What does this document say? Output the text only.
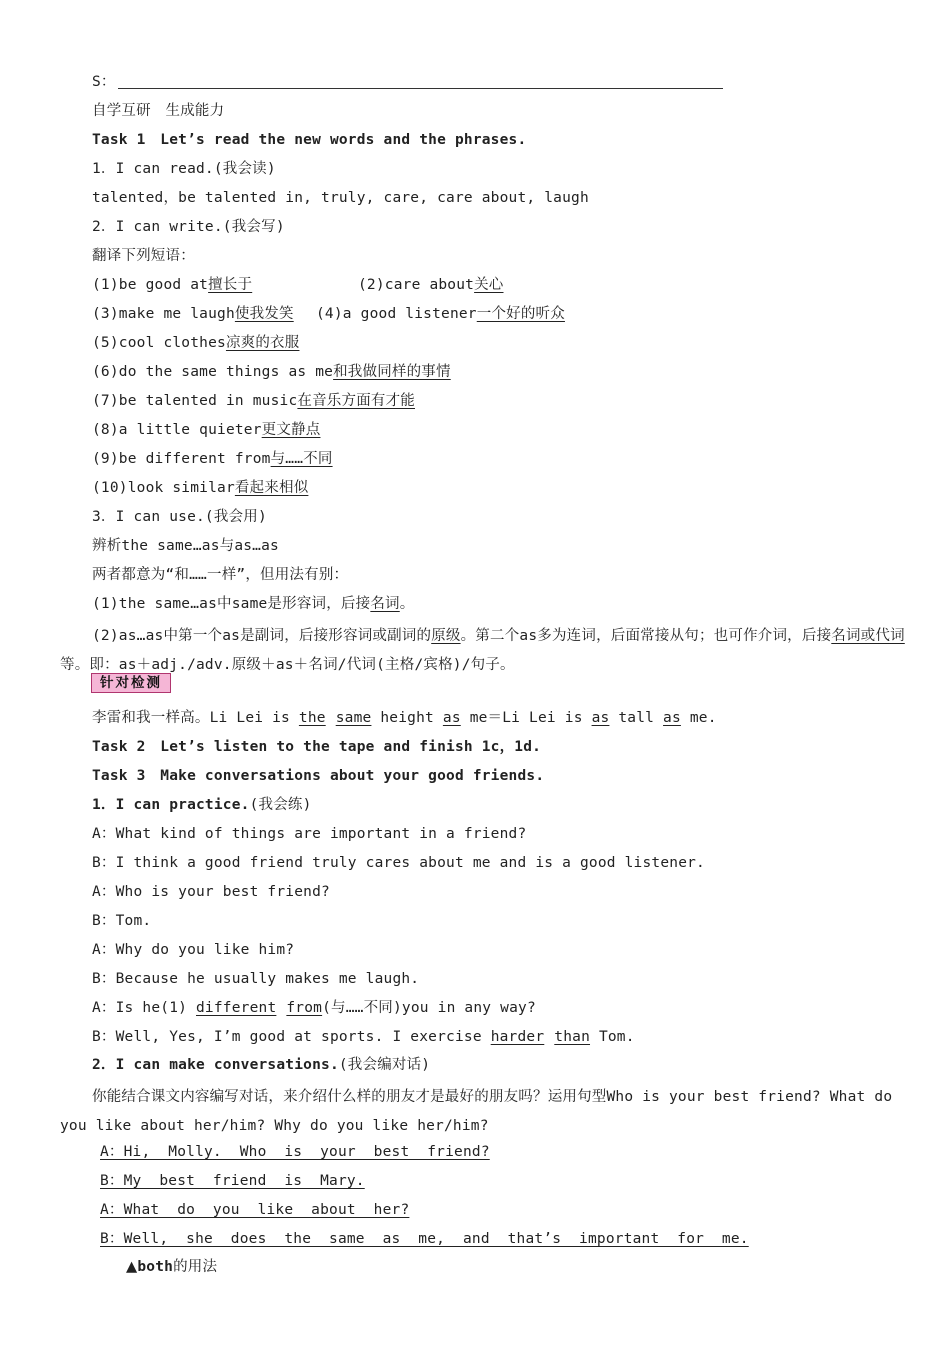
S：
自学互研　生成能力
Task 1　Let’s read the new words and the phrases.
1．I can read.(我会读)
talented，be talented in, truly, care, care about, laugh
2．I can write.(我会写)
翻译下列短语：
(1)be good at擅长于	(2)care about关心
(3)make me laugh使我发笑 (4)a good listener一个好的听众
(5)cool clothes凉爽的衣服
(6)do the same things as me和我做同样的事情
(7)be talented in music在音乐方面有才能
(8)a little quieter更文静点
(9)be different from与……不同
(10)look similar看起来相似
3．I can use.(我会用)
辨析the same…as与as…as
两者都意为“和……一样”，但用法有别：
(1)the same…as中same是形容词，后接名词。
(2)as…as中第一个as是副词，后接形容词或副词的原级。第二个as多为连词，后面常接从句；也可作介词，后接名词或代词等。即：as＋adj./adv.原级＋as＋名词/代词(主格/宾格)/句子。
针对检测
李雷和我一样高。Li Lei is the same height as me＝Li Lei is as tall as me.
Task 2　Let’s listen to the tape and finish 1c，1d.
Task 3　Make conversations about your good friends.
1．I can practice.(我会练)
A：What kind of things are important in a friend?
B：I think a good friend truly cares about me and is a good listener.
A：Who is your best friend?
B：Tom.
A：Why do you like him?
B：Because he usually makes me laugh.
A：Is he(1) different from(与……不同)you in any way?
B：Well, Yes, I’m good at sports. I exercise harder than Tom.
2．I can make conversations.(我会编对话)
你能结合课文内容编写对话，来介绍什么样的朋友才是最好的朋友吗？运用句型Who is your best friend? What do you like about her/him? Why do you like her/him?
A：Hi,  Molly.  Who  is  your  best  friend?
B：My  best  friend  is  Mary.
A：What  do  you  like  about  her?
B：Well,  she  does  the  same  as  me,  and  that’s  important  for  me.
▲both的用法
